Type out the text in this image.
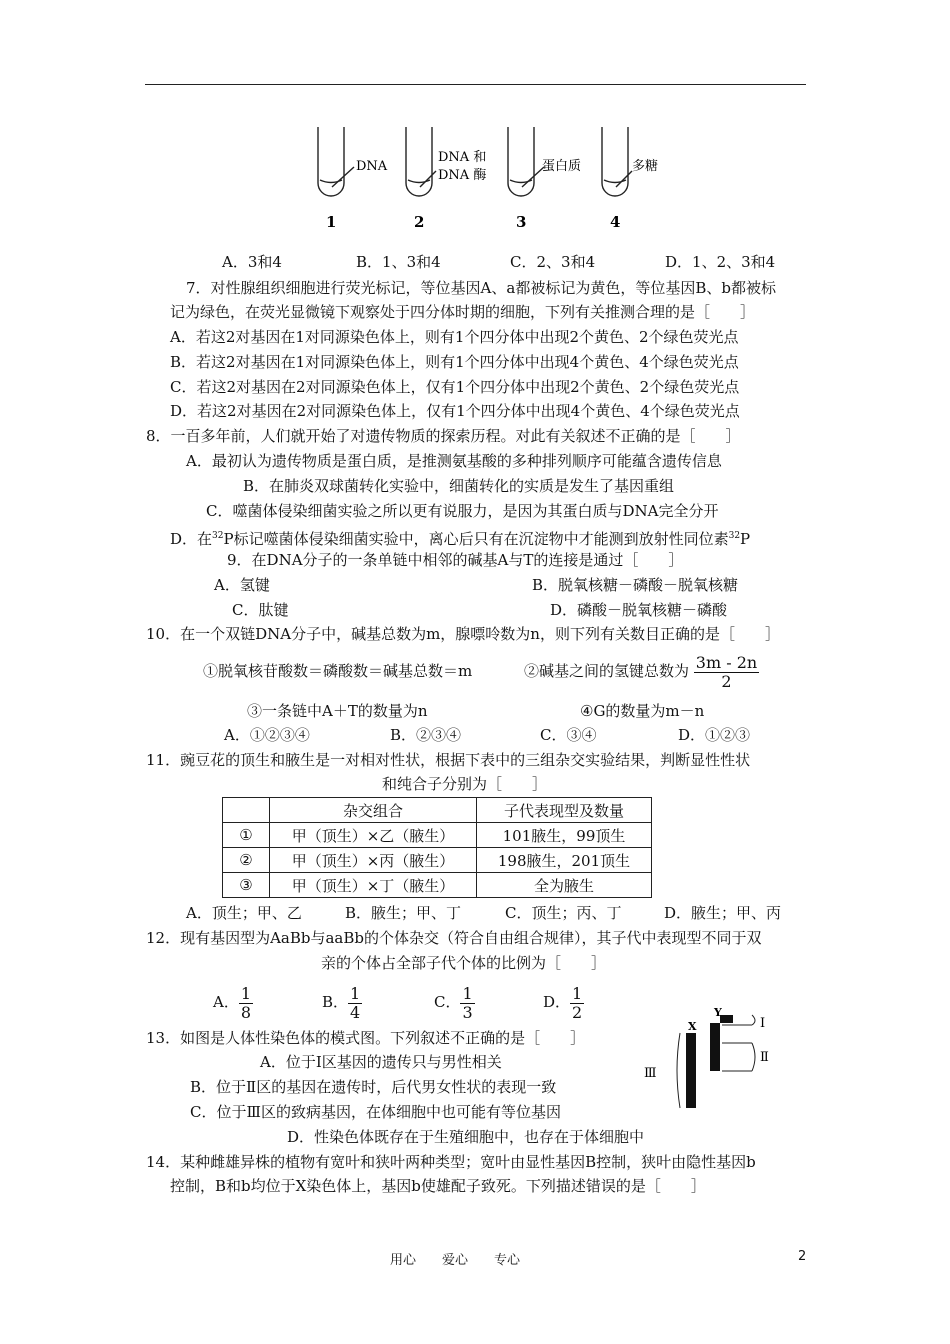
DNA
DNA 和
DNA 酶
蛋白质	多糖
1	2	3	4
A．3和4	B．1、3和4	C．2、3和4	D．1、2、3和4
7．对性腺组织细胞进行荧光标记，等位基因A、a都被标记为黄色，等位基因B、b都被标
记为绿色，在荧光显微镜下观察处于四分体时期的细胞，下列有关推测合理的是［　　］
A．若这2对基因在1对同源染色体上，则有1个四分体中出现2个黄色、2个绿色荧光点
B．若这2对基因在1对同源染色体上，则有1个四分体中出现4个黄色、4个绿色荧光点
C．若这2对基因在2对同源染色体上，仅有1个四分体中出现2个黄色、2个绿色荧光点
D．若这2对基因在2对同源染色体上，仅有1个四分体中出现4个黄色、4个绿色荧光点
8．一百多年前，人们就开始了对遗传物质的探索历程。对此有关叙述不正确的是［　　］
A．最初认为遗传物质是蛋白质，是推测氨基酸的多种排列顺序可能蕴含遗传信息
B．在肺炎双球菌转化实验中，细菌转化的实质是发生了基因重组
C．噬菌体侵染细菌实验之所以更有说服力，是因为其蛋白质与DNA完全分开
D．在$^{32}$P标记噬菌体侵染细菌实验中，离心后只有在沉淀物中才能测到放射性同位素$^{32}$P
9．在DNA分子的一条单链中相邻的碱基A与T的连接是通过［　　］
A．氢键	B．脱氧核糖－磷酸－脱氧核糖
C．肽键	D．磷酸－脱氧核糖－磷酸
10．在一个双链DNA分子中，碱基总数为m，腺嘌呤数为n，则下列有关数目正确的是［　　］
①脱氧核苷酸数＝磷酸数＝碱基总数＝m	②碱基之间的氢键总数为 $\frac{3m - 2n}{2}$
③一条链中A＋T的数量为n	④G的数量为m－n
A．①②③④	B．②③④	C．③④	D．①②③
11．豌豆花的顶生和腋生是一对相对性状，根据下表中的三组杂交实验结果，判断显性性状
和纯合子分别为［　　］
	杂交组合	子代表现型及数量
①	甲（顶生）×乙（腋生）	101腋生，99顶生
②	甲（顶生）×丙（腋生）	198腋生，201顶生
③	甲（顶生）×丁（腋生）	全为腋生
A．顶生；甲、乙	B．腋生；甲、丁	C．顶生；丙、丁	D．腋生；甲、丙
12．现有基因型为AaBb与aaBb的个体杂交（符合自由组合规律），其子代中表现型不同于双
亲的个体占全部子代个体的比例为［　　］
A． $\frac{1}{8}$	B． $\frac{1}{4}$	C． $\frac{1}{3}$	D． $\frac{1}{2}$
13．如图是人体性染色体的模式图。下列叙述不正确的是［　　］
A．位于Ⅰ区基因的遗传只与男性相关
B．位于Ⅱ区的基因在遗传时，后代男女性状的表现一致
C．位于Ⅲ区的致病基因，在体细胞中也可能有等位基因
D．性染色体既存在于生殖细胞中，也存在于体细胞中
X
Y
Ⅰ
Ⅱ
Ⅲ
14．某种雌雄异株的植物有宽叶和狭叶两种类型；宽叶由显性基因B控制，狭叶由隐性基因b
控制，B和b均位于X染色体上，基因b使雄配子致死。下列描述错误的是［　　］
用心　　爱心　　专心	2
